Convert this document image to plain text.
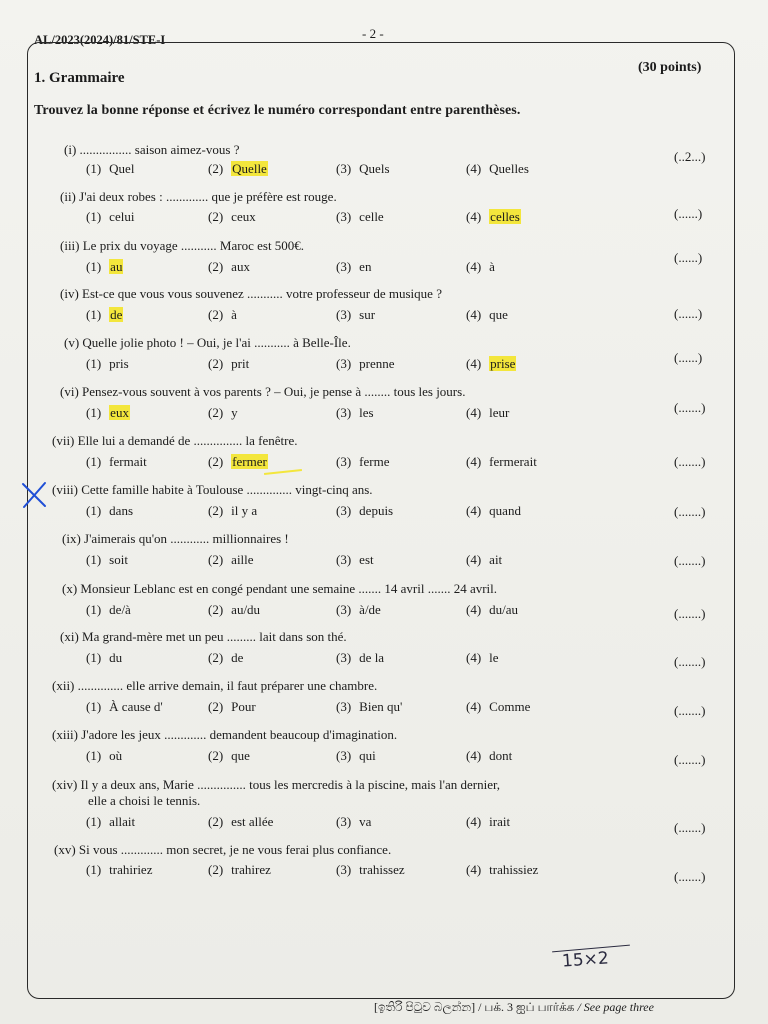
AL/2023(2024)/81/STE-I	- 2 -
1. Grammaire
(30 points)
Trouvez la bonne réponse et écrivez le numéro correspondant entre parenthèses.
(i) ................ saison aimez-vous ?
(1) Quel	(2) Quelle	(3) Quels	(4) Quelles
(..2...)
(ii) J'ai deux robes : ............. que je préfère est rouge.
(1) celui	(2) ceux	(3) celle	(4) celles	(......)
(iii) Le prix du voyage ........... Maroc est 500€.
(1) au	(2) aux	(3) en	(4) à
(......)
(iv) Est-ce que vous vous souvenez ........... votre professeur de musique ?
(1) de	(2) à	(3) sur	(4) que	(......)
(v) Quelle jolie photo ! – Oui, je l'ai ........... à Belle-Île.
(1) pris	(2) prit	(3) prenne	(4) prise	(......)
(vi) Pensez-vous souvent à vos parents ? – Oui, je pense à ........ tous les jours.
(1) eux	(2) y	(3) les	(4) leur	(.......)
(vii) Elle lui a demandé de ............... la fenêtre.
(1) fermait	(2) fermer	(3) ferme	(4) fermerait	(.......)
(viii) Cette famille habite à Toulouse .............. vingt-cinq ans.
(1) dans	(2) il y a	(3) depuis	(4) quand	(.......)
(ix) J'aimerais qu'on ............ millionnaires !
(1) soit	(2) aille	(3) est	(4) ait	(.......)
(x) Monsieur Leblanc est en congé pendant une semaine ....... 14 avril ....... 24 avril.
(1) de/à	(2) au/du	(3) à/de	(4) du/au	(.......)
(xi) Ma grand-mère met un peu ......... lait dans son thé.
(1) du	(2) de	(3) de la	(4) le	(.......)
(xii) .............. elle arrive demain, il faut préparer une chambre.
(1) À cause d'	(2) Pour	(3) Bien qu'	(4) Comme	(.......)
(xiii) J'adore les jeux ............. demandent beaucoup d'imagination.
(1) où	(2) que	(3) qui	(4) dont	(.......)
(xiv) Il y a deux ans, Marie ............... tous les mercredis à la piscine, mais l'an dernier,
elle a choisi le tennis.
(1) allait	(2) est allée	(3) va	(4) irait	(.......)
(xv) Si vous ............. mon secret, je ne vous ferai plus confiance.
(1) trahiriez	(2) trahirez	(3) trahissez	(4) trahissiez	(.......)
15×2
[ඉතිරි පිටුව බලන්න] / பக். 3 ஐப் பார்க்க / See page three
